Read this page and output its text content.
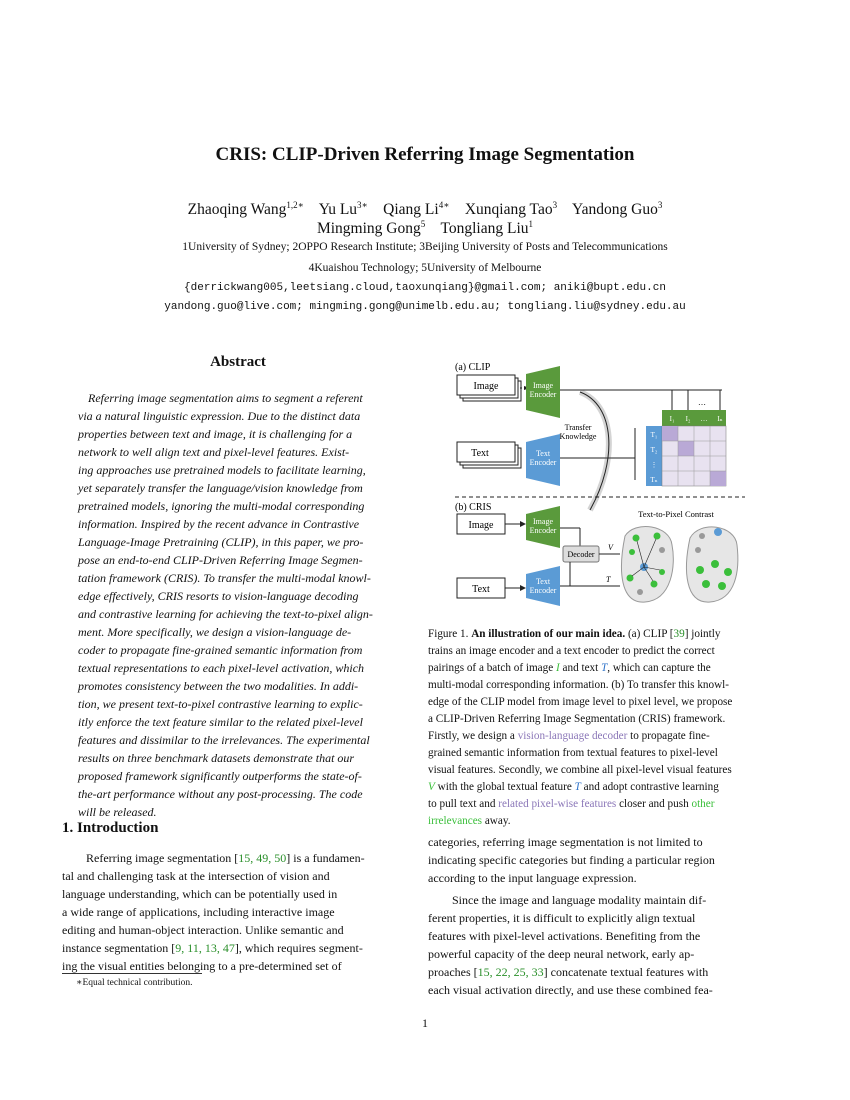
CRIS: CLIP-Driven Referring Image Segmentation
Zhaoqing Wang$^{1,2∗}$ Yu $Lu^{3∗}$ Qiang $Li^{4∗}$ Xunqiang Tao$^3$ Yandong Guo$^3$
Mingming Gong$^5$ Tongliang Liu$^1$
1University of Sydney; 2OPPO Research Institute; 3Beijing University of Posts and Telecommunications
4Kuaishou Technology; 5University of Melbourne
{derrickwang005,leetsiang.cloud,taoxunqiang}@gmail.com; aniki@bupt.edu.cn
yandong.guo@live.com; mingming.gong@unimelb.edu.au; tongliang.liu@sydney.edu.au
Abstract
Referring image segmentation aims to segment a referent
via a natural linguistic expression. Due to the distinct data
properties between text and image, it is challenging for a
network to well align text and pixel-level features. Exist-
ing approaches use pretrained models to facilitate learning,
yet separately transfer the language/vision knowledge from
pretrained models, ignoring the multi-modal corresponding
information. Inspired by the recent advance in Contrastive
Language-Image Pretraining (CLIP), in this paper, we pro-
pose an end-to-end CLIP-Driven Referring Image Segmen-
tation framework (CRIS). To transfer the multi-modal knowl-
edge effectively, CRIS resorts to vision-language decoding
and contrastive learning for achieving the text-to-pixel align-
ment. More specifically, we design a vision-language de-
coder to propagate fine-grained semantic information from
textual representations to each pixel-level activation, which
promotes consistency between the two modalities. In addi-
tion, we present text-to-pixel contrastive learning to explic-
itly enforce the text feature similar to the related pixel-level
features and dissimilar to the irrelevances. The experimental
results on three benchmark datasets demonstrate that our
proposed framework significantly outperforms the state-of-
the-art performance without any post-processing. The code
will be released.
1. Introduction
Referring image segmentation [15, 49, 50] is a fundamen-
tal and challenging task at the intersection of vision and
language understanding, which can be potentially used in
a wide range of applications, including interactive image
editing and human-object interaction. Unlike semantic and
instance segmentation [9, 11, 13, 47], which requires segment-
ing the visual entities belonging to a pre-determined set of
∗Equal technical contribution.
categories, referring image segmentation is not limited to
indicating specific categories but finding a particular region
according to the input language expression.
Since the image and language modality maintain dif-
ferent properties, it is difficult to explicitly align textual
features with pixel-level activations. Benefiting from the
powerful capacity of the deep neural network, early ap-
proaches [15, 22, 25, 33] concatenate textual features with
each visual activation directly, and use these combined fea-
(a) CLIP
Image	Image
Encoder
…
Text	Text
Encoder
Transfer
Knowledge
I₁ I₂ … Iₙ
T₁
T₂
⋮
Tₙ
(b) CRIS
Image	Image
Encoder
Decoder
V
Text
Text
Encoder
T
Text-to-Pixel Contrast
Figure 1. An illustration of our main idea. (a) CLIP [39] jointly
trains an image encoder and a text encoder to predict the correct
pairings of a batch of image I and text T, which can capture the
multi-modal corresponding information. (b) To transfer this knowl-
edge of the CLIP model from image level to pixel level, we propose
a CLIP-Driven Referring Image Segmentation (CRIS) framework.
Firstly, we design a vision-language decoder to propagate fine-
grained semantic information from textual features to pixel-level
visual features. Secondly, we combine all pixel-level visual features
V with the global textual feature T and adopt contrastive learning
to pull text and related pixel-wise features closer and push other
irrelevances away.
1
